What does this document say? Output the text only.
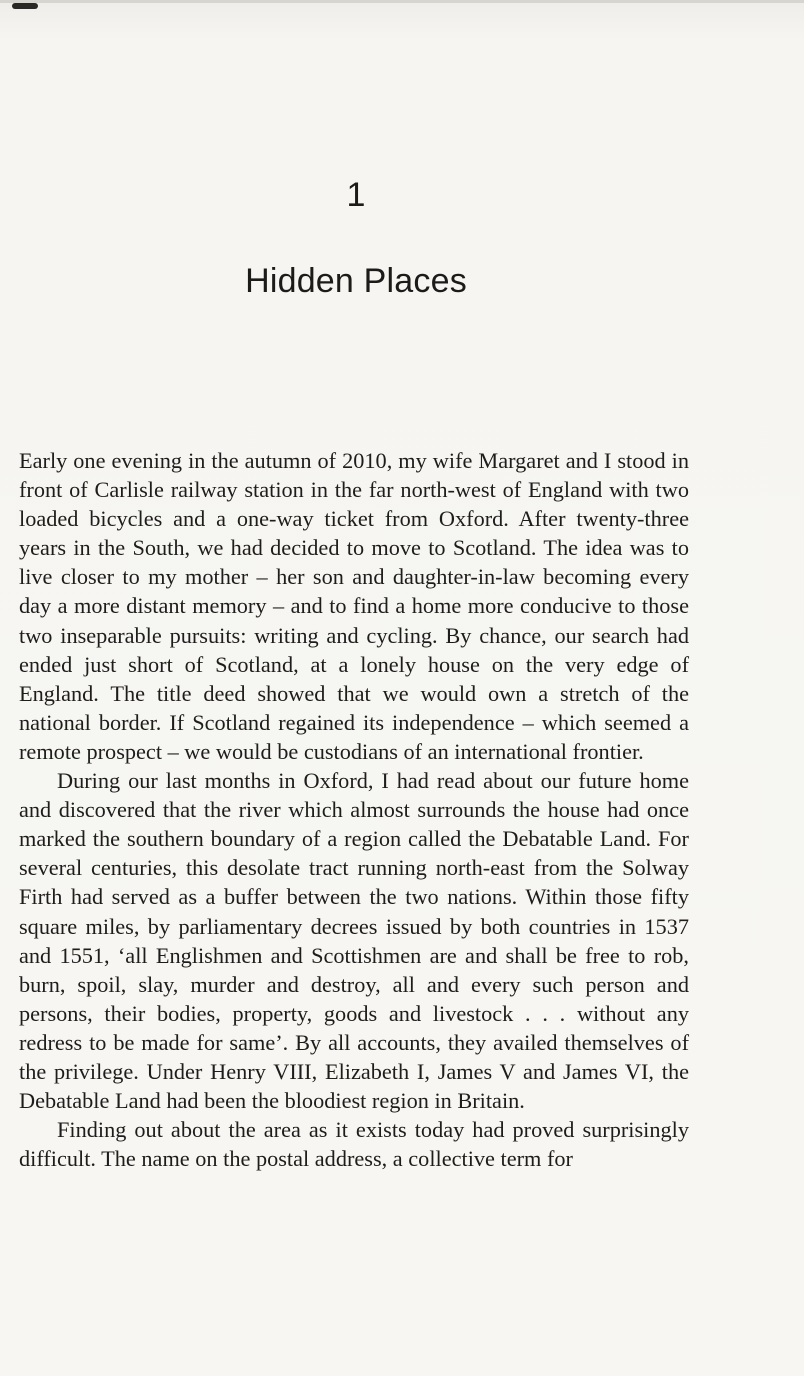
1
Hidden Places

Early one evening in the autumn of 2010, my wife Margaret and I stood in front of Carlisle railway station in the far north-west of England with two loaded bicycles and a one-way ticket from Oxford. After twenty-three years in the South, we had decided to move to Scotland. The idea was to live closer to my mother – her son and daughter-in-law becoming every day a more distant memory – and to find a home more conducive to those two inseparable pursuits: writing and cycling. By chance, our search had ended just short of Scotland, at a lonely house on the very edge of England. The title deed showed that we would own a stretch of the national border. If Scotland regained its independence – which seemed a remote prospect – we would be custodians of an international frontier.

During our last months in Oxford, I had read about our future home and discovered that the river which almost surrounds the house had once marked the southern boundary of a region called the Debatable Land. For several centuries, this desolate tract running north-east from the Solway Firth had served as a buffer between the two nations. Within those fifty square miles, by parliamentary decrees issued by both countries in 1537 and 1551, ‘all Englishmen and Scottishmen are and shall be free to rob, burn, spoil, slay, murder and destroy, all and every such person and persons, their bodies, property, goods and livestock . . . without any redress to be made for same’. By all accounts, they availed themselves of the privilege. Under Henry VIII, Elizabeth I, James V and James VI, the Debatable Land had been the bloodiest region in Britain.

Finding out about the area as it exists today had proved surprisingly difficult. The name on the postal address, a collective term for
